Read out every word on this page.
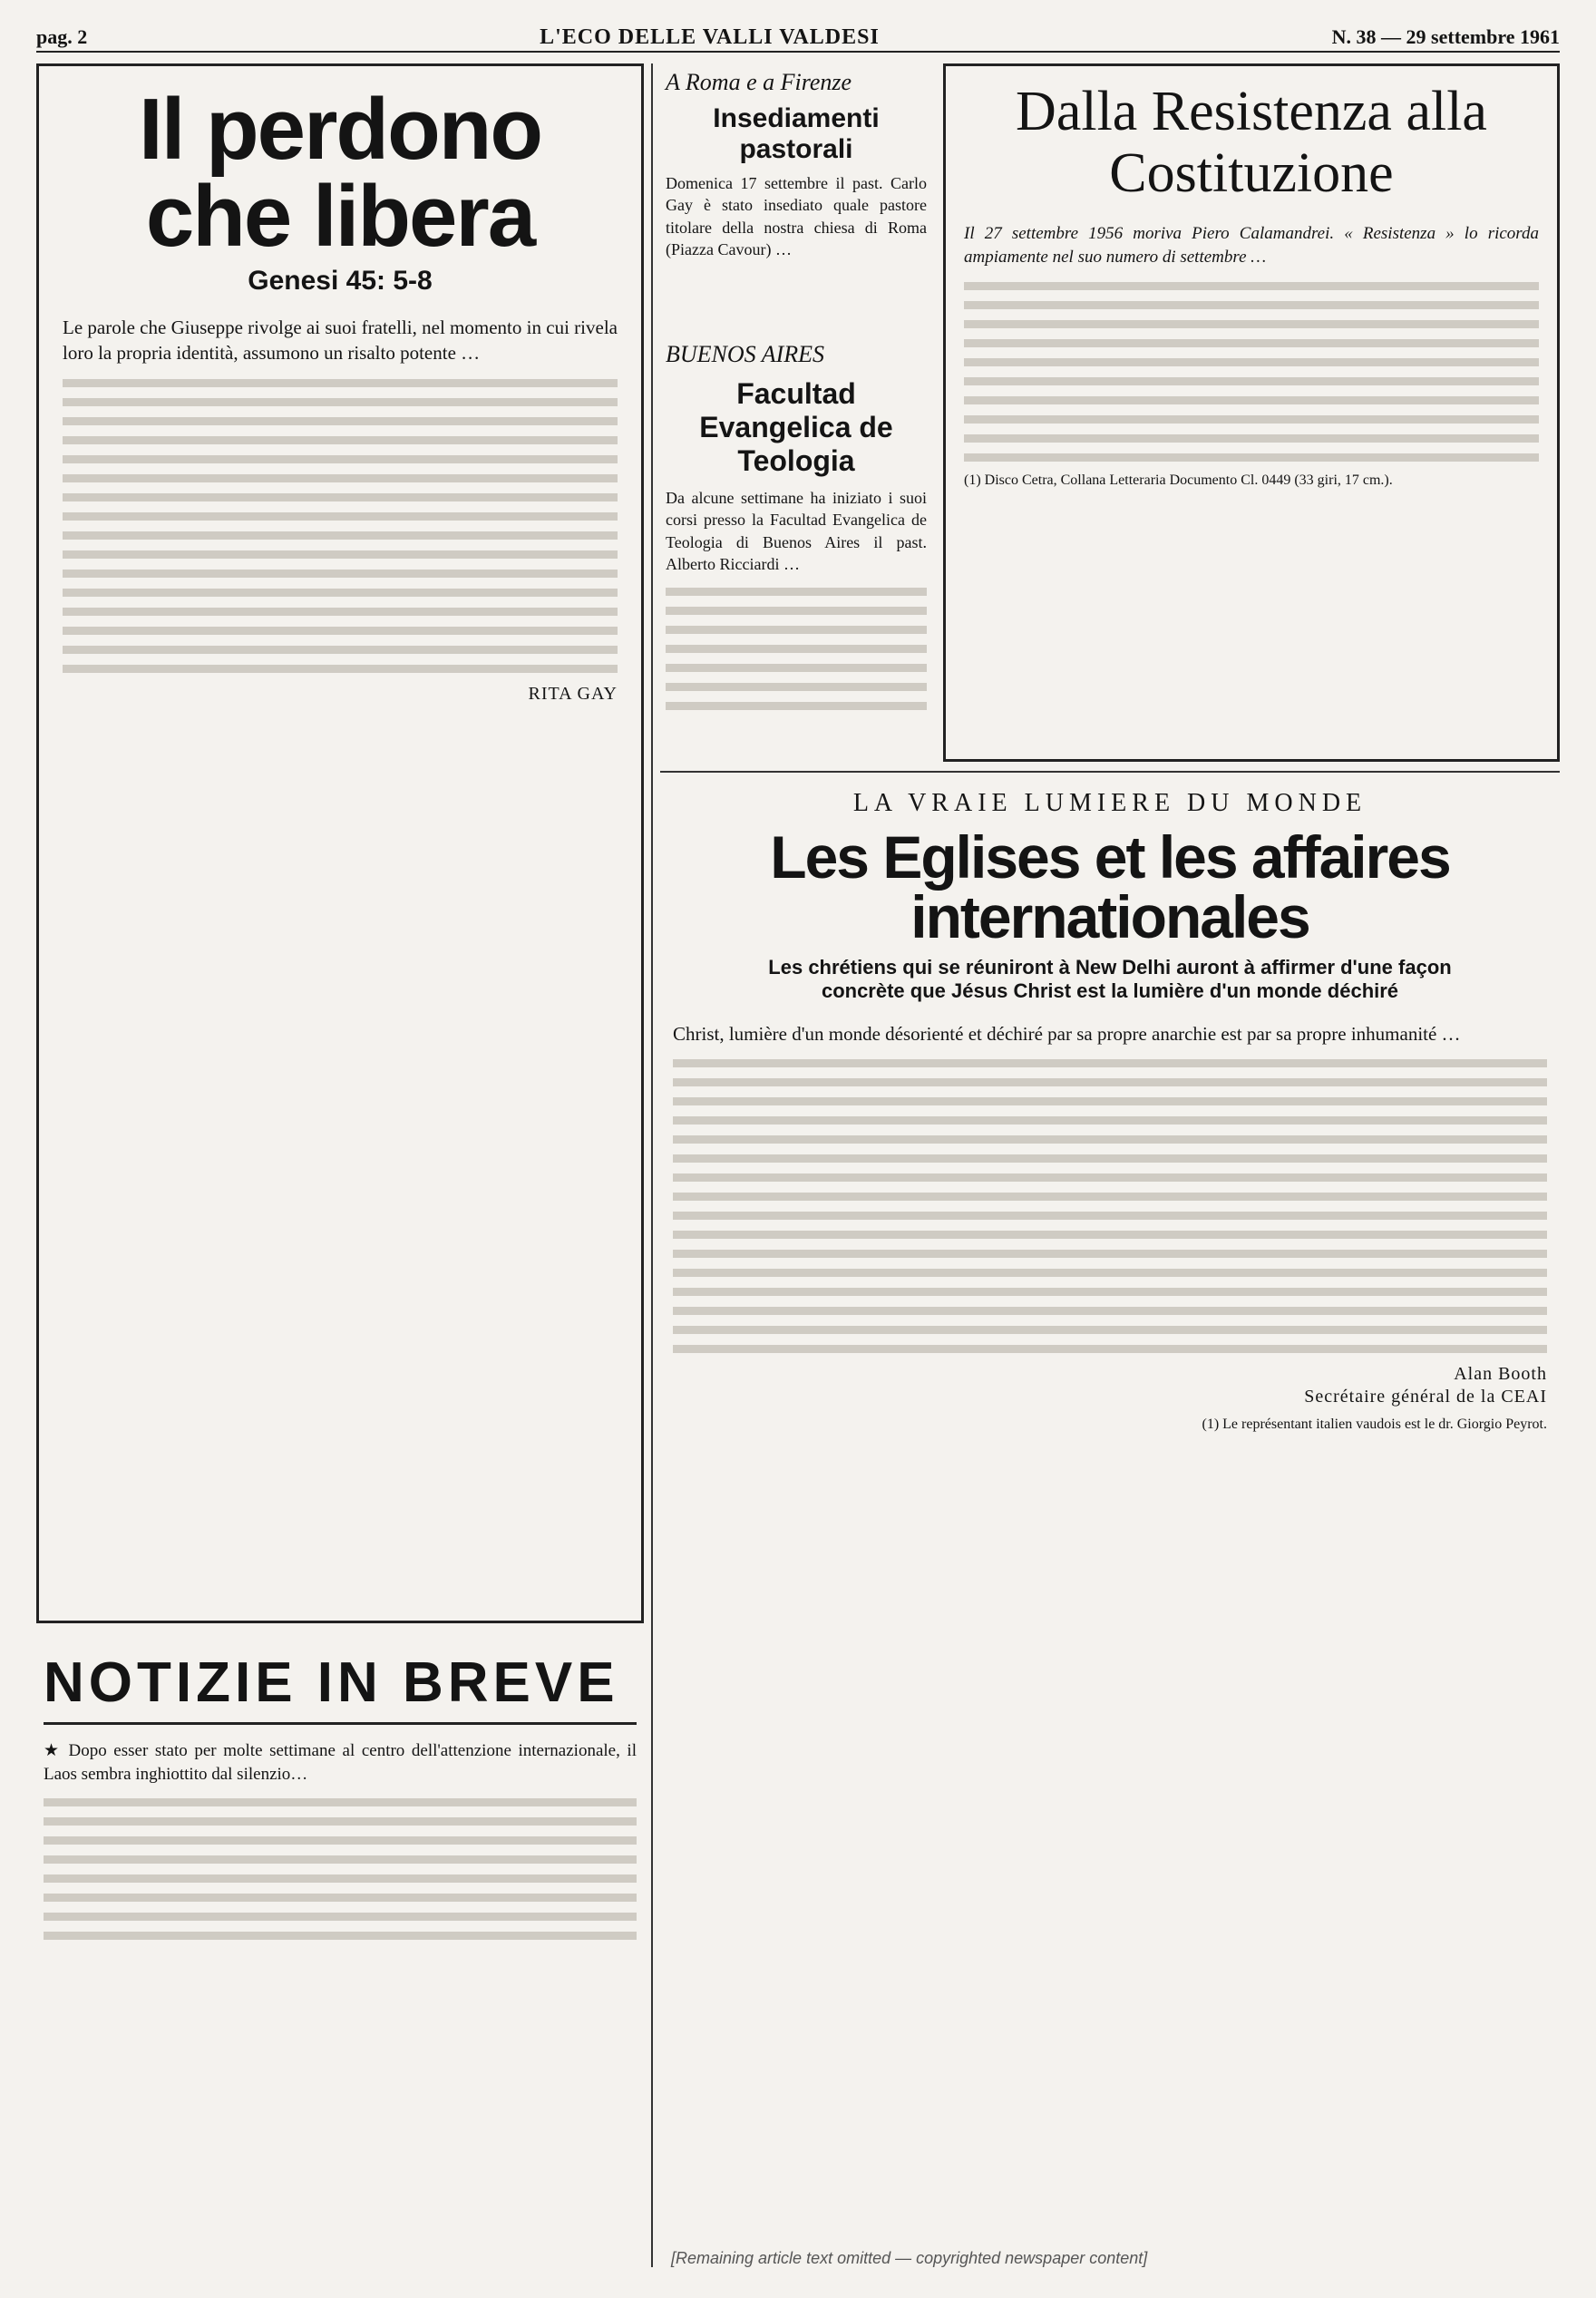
pag. 2	L'ECO DELLE VALLI VALDESI	N. 38 — 29 settembre 1961
Il perdono che libera
Genesi 45: 5-8
Le parole che Giuseppe rivolge ai suoi fratelli, nel momento in cui rivela loro la propria identità, assumono un risalto potente …
RITA GAY
NOTIZIE IN BREVE
★ Dopo esser stato per molte settimane al centro dell'attenzione internazionale, il Laos sembra inghiottito dal silenzio…
A Roma e a Firenze
Insediamenti pastorali
Domenica 17 settembre il past. Carlo Gay è stato insediato quale pastore titolare della nostra chiesa di Roma (Piazza Cavour) …
BUENOS AIRES
Facultad Evangelica de Teologia
Da alcune settimane ha iniziato i suoi corsi presso la Facultad Evangelica de Teologia di Buenos Aires il past. Alberto Ricciardi …
Dalla Resistenza alla Costituzione
Il 27 settembre 1956 moriva Piero Calamandrei. « Resistenza » lo ricorda ampiamente nel suo numero di settembre …
(1) Disco Cetra, Collana Letteraria Documento Cl. 0449 (33 giri, 17 cm.).
LA VRAIE LUMIERE DU MONDE
Les Eglises et les affaires internationales
Les chrétiens qui se réuniront à New Delhi auront à affirmer d'une façon concrète que Jésus Christ est la lumière d'un monde déchiré
Christ, lumière d'un monde désorienté et déchiré par sa propre anarchie est par sa propre inhumanité …
Alan Booth
Secrétaire général de la CEAI
(1) Le représentant italien vaudois est le dr. Giorgio Peyrot.
[Remaining article text omitted — copyrighted newspaper content]
